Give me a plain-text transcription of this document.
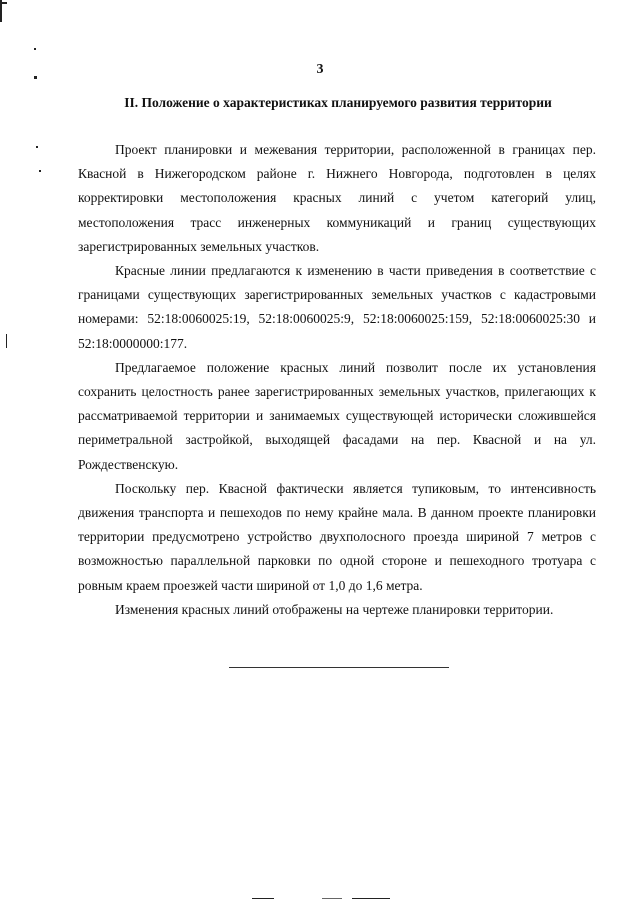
3
II. Положение о характеристиках планируемого развития территории

Проект планировки и межевания территории, расположенной в границах пер. Квасной в Нижегородском районе г. Нижнего Новгорода, подготовлен в целях корректировки местоположения красных линий с учетом категорий улиц, местоположения трасс инженерных коммуникаций и границ существующих зарегистрированных земельных участков.

Красные линии предлагаются к изменению в части приведения в соответствие с границами существующих зарегистрированных земельных участков с кадастровыми номерами: 52:18:0060025:19, 52:18:0060025:9, 52:18:0060025:159, 52:18:0060025:30 и 52:18:0000000:177.

Предлагаемое положение красных линий позволит после их установления сохранить целостность ранее зарегистрированных земельных участков, прилегающих к рассматриваемой территории и занимаемых существующей исторически сложившейся периметральной застройкой, выходящей фасадами на пер. Квасной и на ул. Рождественскую.

Поскольку пер. Квасной фактически является тупиковым, то интенсивность движения транспорта и пешеходов по нему крайне мала. В данном проекте планировки территории предусмотрено устройство двухполосного проезда шириной 7 метров с возможностью параллельной парковки по одной стороне и пешеходного тротуара с ровным краем проезжей части шириной от 1,0 до 1,6 метра.

Изменения красных линий отображены на чертеже планировки территории.
